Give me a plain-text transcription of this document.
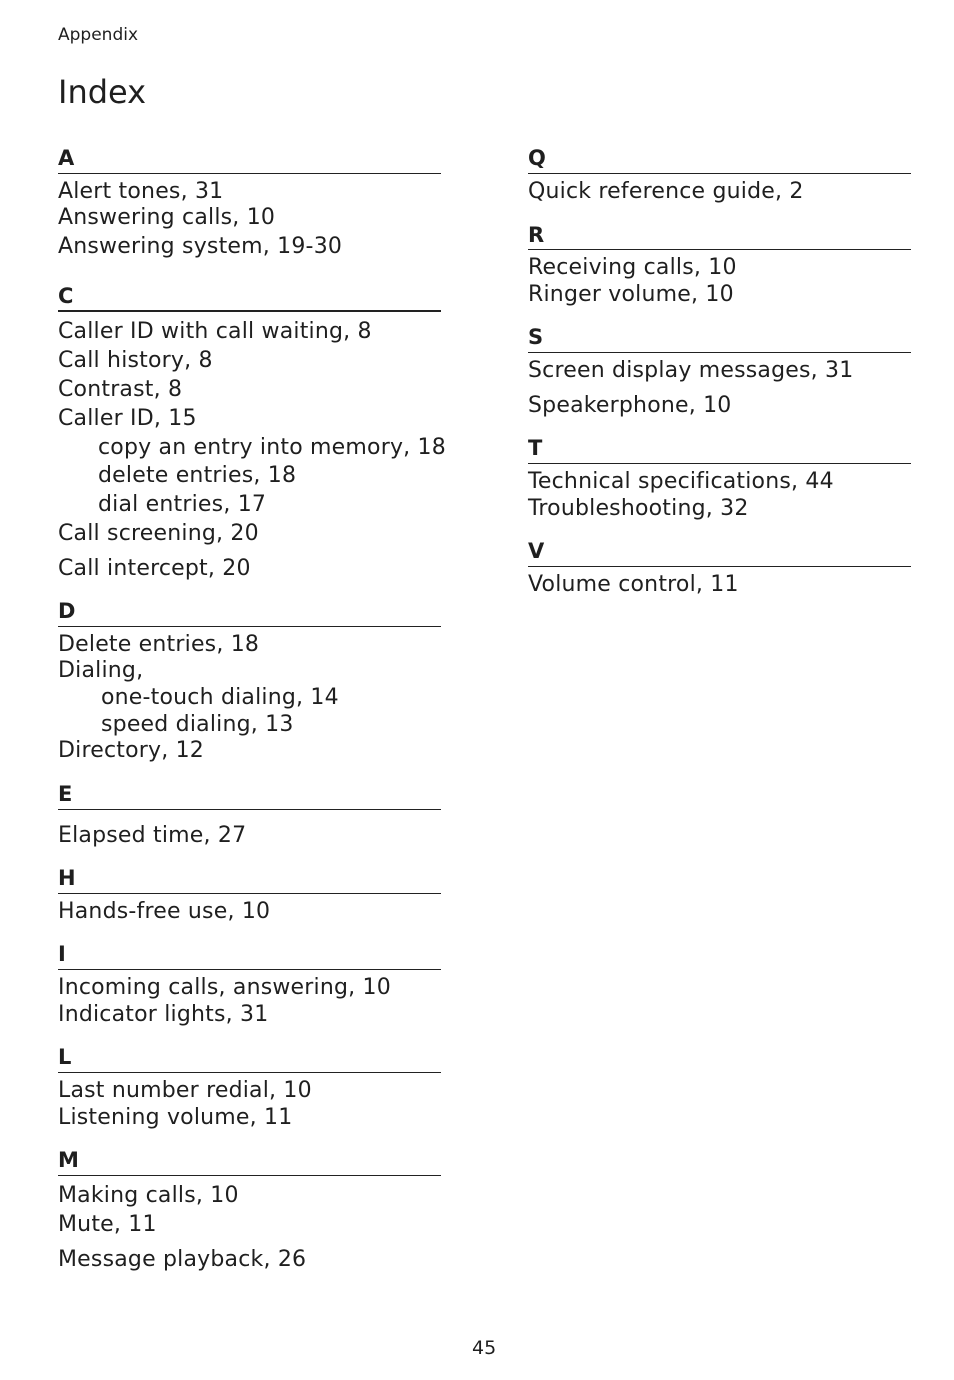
Appendix
Index
A
Alert tones, 31
Answering calls, 10
Answering system, 19-30
C
Caller ID with call waiting, 8
Call history, 8
Contrast, 8
Caller ID, 15
copy an entry into memory, 18
delete entries, 18
dial entries, 17
Call screening, 20
Call intercept, 20
D
Delete entries, 18
Dialing,
one-touch dialing, 14
speed dialing, 13
Directory, 12
E
Elapsed time, 27
H
Hands-free use, 10
I
Incoming calls, answering, 10
Indicator lights, 31
L
Last number redial, 10
Listening volume, 11
M
Making calls, 10
Mute, 11
Message playback, 26
Q
Quick reference guide, 2
R
Receiving calls, 10
Ringer volume, 10
S
Screen display messages, 31
Speakerphone, 10
T
Technical specifications, 44
Troubleshooting, 32
V
Volume control, 11
45
